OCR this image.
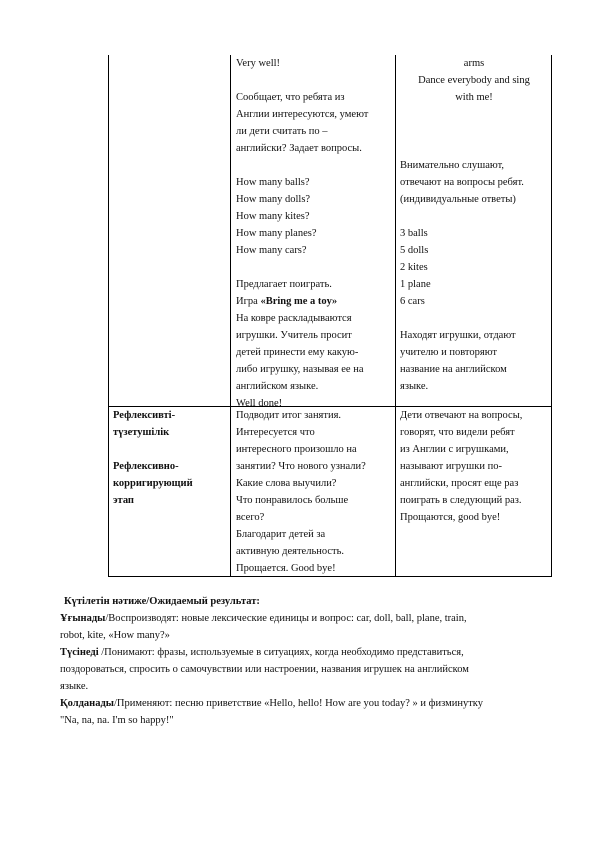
Very well!

Сообщает, что ребята из

Англии интересуются, умеют

ли дети считать по –

английски? Задает вопросы.

How many balls?

How many dolls?

How many kites?

How many planes?

How many cars?

Предлагает поиграть.

Игра «Bring me a toy»

На ковре раскладываются

игрушки. Учитель просит

детей принести ему какую-

либо игрушку, называя ее на

английском языке.

Well done!

arms

Dance everybody and sing

with me!

Внимательно слушают,

отвечают на вопросы ребят.

(индивидуальные ответы)

3 balls

5 dolls

2 kites

1 plane

6 cars

Находят игрушки, отдают

учителю и повторяют

название на английском

языке.

Рефлексивті-

түзетушілік

Рефлексивно-

корригирующий

этап

Подводит итог занятия.

Интересуется что

интересного произошло на

занятии? Что нового узнали?

Какие слова выучили?

Что понравилось больше

всего?

Благодарит детей за

активную деятельность.

Прощается. Good bye!

Дети отвечают на вопросы,

говорят, что видели ребят

из Англии с игрушками,

называют игрушки по-

английски, просят еще раз

поиграть в следующий раз.

Прощаются, good bye!

Күтілетін нәтиже/Ожидаемый результат:

Ұғынады/Воспроизводят: новые лексические единицы и вопрос: car, doll, ball, plane, train,

robot, kite, «How many?»

Түсінеді /Понимают: фразы, используемые в ситуациях, когда необходимо представиться,

поздороваться, спросить о самочувствии или настроении, названия игрушек на английском

языке.

Қолданады/Применяют: песню приветствие «Hello, hello! How are you today? » и физминутку

"Na, na, na. I'm so happy!"
